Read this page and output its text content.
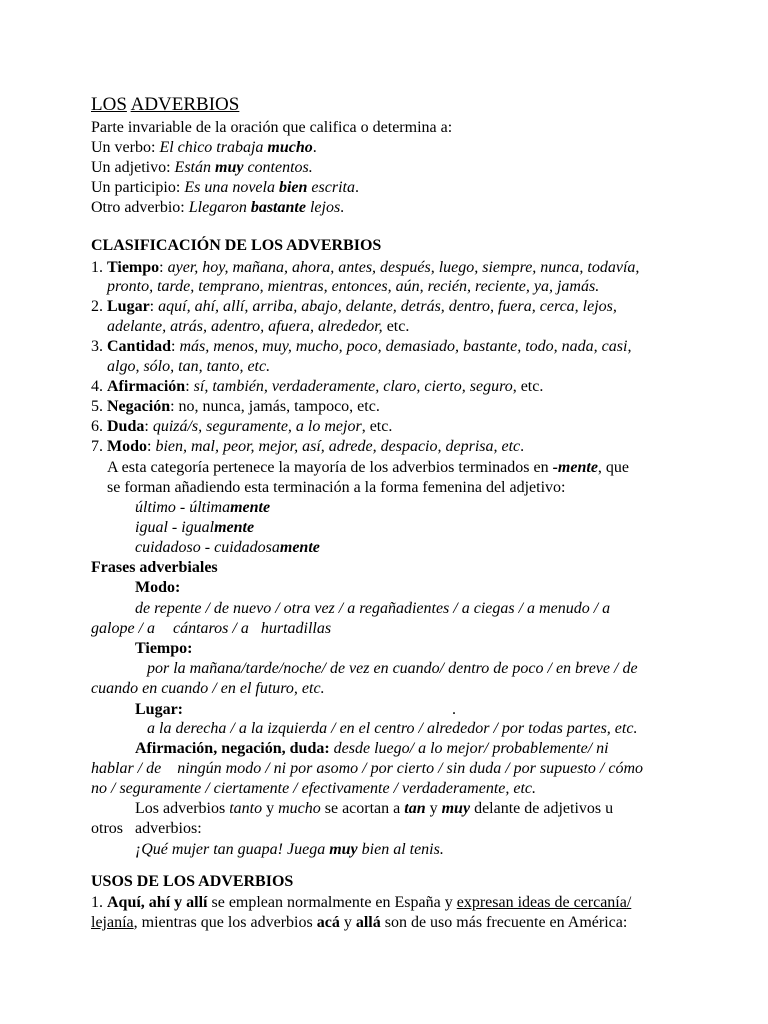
LOS ADVERBIOS
Parte invariable de la oración que califica o determina a:
Un verbo: El chico trabaja mucho.
Un adjetivo: Están muy contentos.
Un participio: Es una novela bien escrita.
Otro adverbio: Llegaron bastante lejos.
CLASIFICACIÓN DE LOS ADVERBIOS
1. Tiempo: ayer, hoy, mañana, ahora, antes, después, luego, siempre, nunca, todavía,
pronto, tarde, temprano, mientras, entonces, aún, recién, reciente, ya, jamás.
2. Lugar: aquí, ahí, allí, arriba, abajo, delante, detrás, dentro, fuera, cerca, lejos,
adelante, atrás, adentro, afuera, alrededor, etc.
3. Cantidad: más, menos, muy, mucho, poco, demasiado, bastante, todo, nada, casi,
algo, sólo, tan, tanto, etc.
4. Afirmación: sí, también, verdaderamente, claro, cierto, seguro, etc.
5. Negación: no, nunca, jamás, tampoco, etc.
6. Duda: quizá/s, seguramente, a lo mejor, etc.
7. Modo: bien, mal, peor, mejor, así, adrede, despacio, deprisa, etc.
A esta categoría pertenece la mayoría de los adverbios terminados en -mente, que
se forman añadiendo esta terminación a la forma femenina del adjetivo:
último - últimamente
igual - igualmente
cuidadoso - cuidadosamente
Frases adverbiales
Modo:
de repente / de nuevo / otra vez / a regañadientes / a ciegas / a menudo / a
galope / a cántaros / a hurtadillas
Tiempo:
por la mañana/tarde/noche/ de vez en cuando/ dentro de poco / en breve / de
cuando en cuando / en el futuro, etc.
Lugar:	.
a la derecha / a la izquierda / en el centro / alrededor / por todas partes, etc.
Afirmación, negación, duda: desde luego/ a lo mejor/ probablemente/ ni
hablar / de ningún modo / ni por asomo / por cierto / sin duda / por supuesto / cómo
no / seguramente / ciertamente / efectivamente / verdaderamente, etc.
Los adverbios tanto y mucho se acortan a tan y muy delante de adjetivos u
otros adverbios:
¡Qué mujer tan guapa! Juega muy bien al tenis.
USOS DE LOS ADVERBIOS
1. Aquí, ahí y allí se emplean normalmente en España y expresan ideas de cercanía/
lejanía, mientras que los adverbios acá y allá son de uso más frecuente en América:
